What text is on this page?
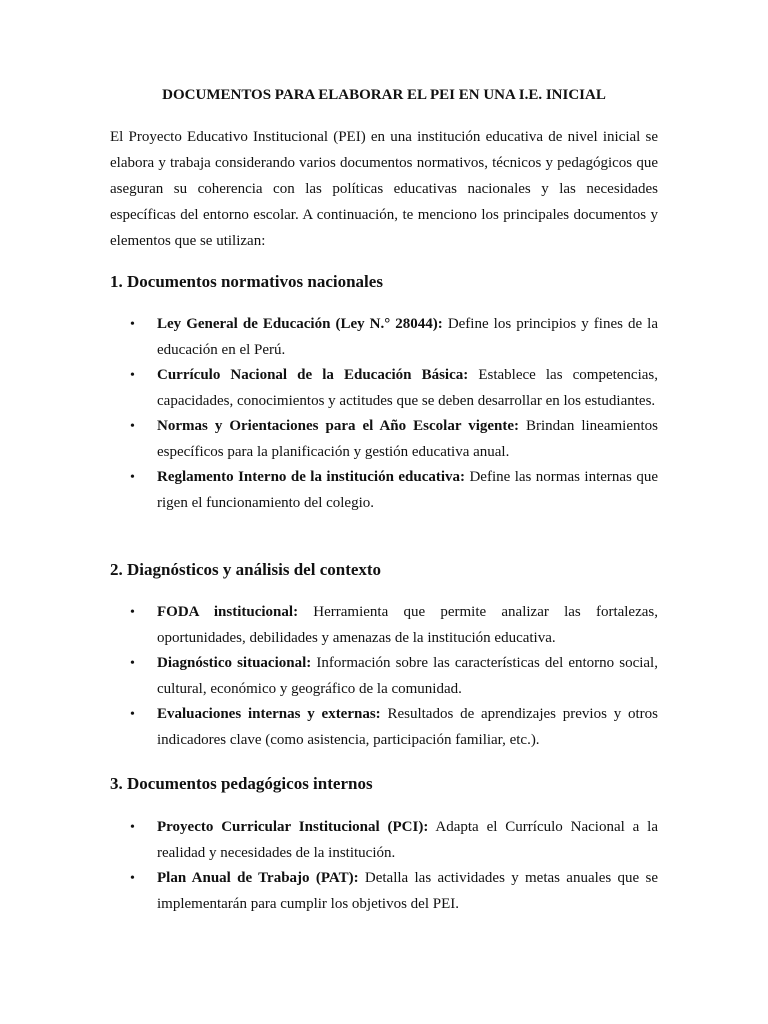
DOCUMENTOS PARA ELABORAR EL PEI EN UNA I.E. INICIAL

El Proyecto Educativo Institucional (PEI) en una institución educativa de nivel inicial se elabora y trabaja considerando varios documentos normativos, técnicos y pedagógicos que aseguran su coherencia con las políticas educativas nacionales y las necesidades específicas del entorno escolar. A continuación, te menciono los principales documentos y elementos que se utilizan:

1. Documentos normativos nacionales
• Ley General de Educación (Ley N.° 28044): Define los principios y fines de la educación en el Perú.
• Currículo Nacional de la Educación Básica: Establece las competencias, capacidades, conocimientos y actitudes que se deben desarrollar en los estudiantes.
• Normas y Orientaciones para el Año Escolar vigente: Brindan lineamientos específicos para la planificación y gestión educativa anual.
• Reglamento Interno de la institución educativa: Define las normas internas que rigen el funcionamiento del colegio.
2. Diagnósticos y análisis del contexto
• FODA institucional: Herramienta que permite analizar las fortalezas, oportunidades, debilidades y amenazas de la institución educativa.
• Diagnóstico situacional: Información sobre las características del entorno social, cultural, económico y geográfico de la comunidad.
• Evaluaciones internas y externas: Resultados de aprendizajes previos y otros indicadores clave (como asistencia, participación familiar, etc.).
3. Documentos pedagógicos internos
• Proyecto Curricular Institucional (PCI): Adapta el Currículo Nacional a la realidad y necesidades de la institución.
• Plan Anual de Trabajo (PAT): Detalla las actividades y metas anuales que se implementarán para cumplir los objetivos del PEI.
